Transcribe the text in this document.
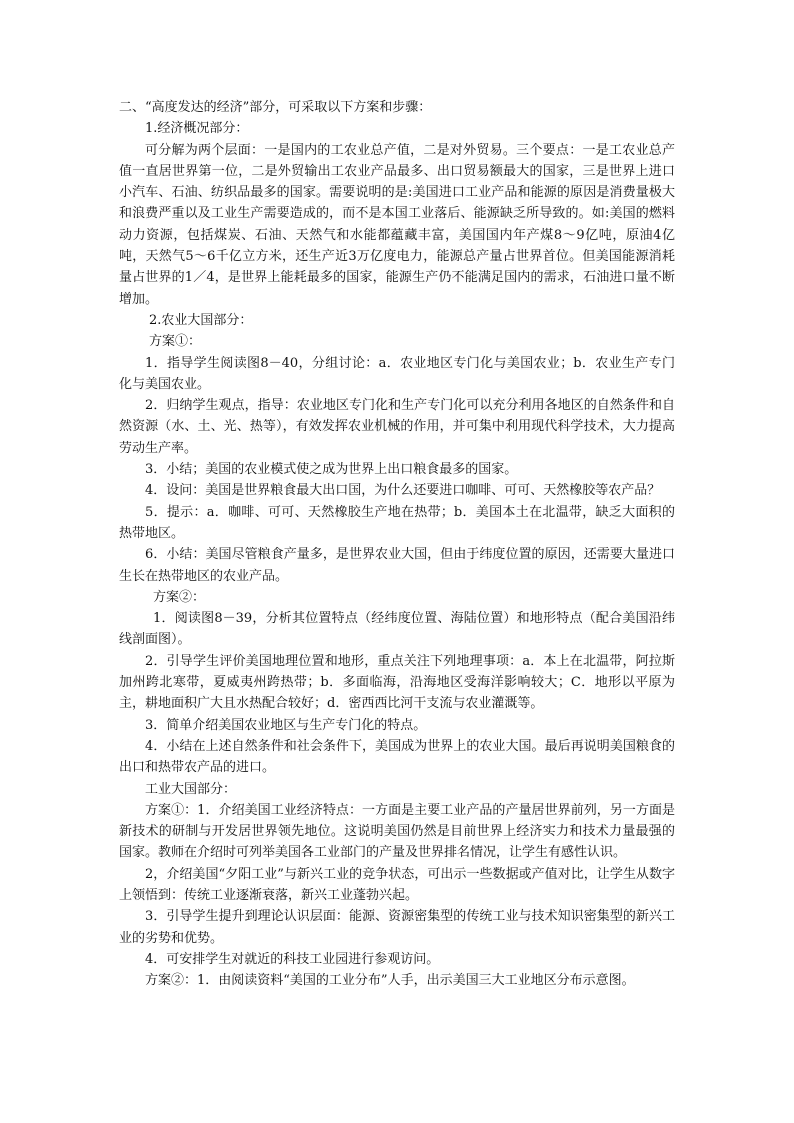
二、“高度发达的经济”部分，可采取以下方案和步骤：

1.经济概况部分：

可分解为两个层面：一是国内的工农业总产值，二是对外贸易。三个要点：一是工农业总产值一直居世界第一位，二是外贸输出工农业产品最多、出口贸易额最大的国家，三是世界上进口小汽车、石油、纺织品最多的国家。需要说明的是:美国进口工业产品和能源的原因是消费量极大和浪费严重以及工业生产需要造成的，而不是本国工业落后、能源缺乏所导致的。如:美国的燃料动力资源，包括煤炭、石油、天然气和水能都蕴藏丰富，美国国内年产煤8～9亿吨，原油4亿吨，天然气5～6千亿立方米，还生产近3万亿度电力，能源总产量占世界首位。但美国能源消耗量占世界的1／4，是世界上能耗最多的国家，能源生产仍不能满足国内的需求，石油进口量不断增加。

2.农业大国部分：

方案①：

1．指导学生阅读图8－40，分组讨论：a．农业地区专门化与美国农业；b．农业生产专门化与美国农业。

2．归纳学生观点，指导：农业地区专门化和生产专门化可以充分利用各地区的自然条件和自然资源（水、土、光、热等），有效发挥农业机械的作用，并可集中利用现代科学技术，大力提高劳动生产率。

3．小结；美国的农业模式使之成为世界上出口粮食最多的国家。

4．设问：美国是世界粮食最大出口国，为什么还要进口咖啡、可可、天然橡胶等农产品？

5．提示：a．咖啡、可可、天然橡胶生产地在热带；b．美国本土在北温带，缺乏大面积的热带地区。

6．小结：美国尽管粮食产量多，是世界农业大国，但由于纬度位置的原因，还需要大量进口生长在热带地区的农业产品。

方案②：

1．阅读图8－39，分析其位置特点（经纬度位置、海陆位置）和地形特点（配合美国沿纬线剖面图）。

2．引导学生评价美国地理位置和地形，重点关注下列地理事项：a．本上在北温带，阿拉斯加州跨北寒带，夏威夷州跨热带；b．多面临海，沿海地区受海洋影响较大；C．地形以平原为主，耕地面积广大且水热配合较好；d．密西西比河干支流与农业灌溉等。

3．简单介绍美国农业地区与生产专门化的特点。

4．小结在上述自然条件和社会条件下，美国成为世界上的农业大国。最后再说明美国粮食的出口和热带农产品的进口。

工业大国部分：

方案①：1．介绍美国工业经济特点：一方面是主要工业产品的产量居世界前列，另一方面是新技术的研制与开发居世界领先地位。这说明美国仍然是目前世界上经济实力和技术力量最强的国家。教师在介绍时可列举美国各工业部门的产量及世界排名情况，让学生有感性认识。

2，介绍美国“夕阳工业”与新兴工业的竞争状态，可出示一些数据或产值对比，让学生从数字上领悟到：传统工业逐渐衰落，新兴工业蓬勃兴起。

3．引导学生提升到理论认识层面：能源、资源密集型的传统工业与技术知识密集型的新兴工业的劣势和优势。

4．可安排学生对就近的科技工业园进行参观访问。

方案②：1．由阅读资料“美国的工业分布”人手，出示美国三大工业地区分布示意图。
